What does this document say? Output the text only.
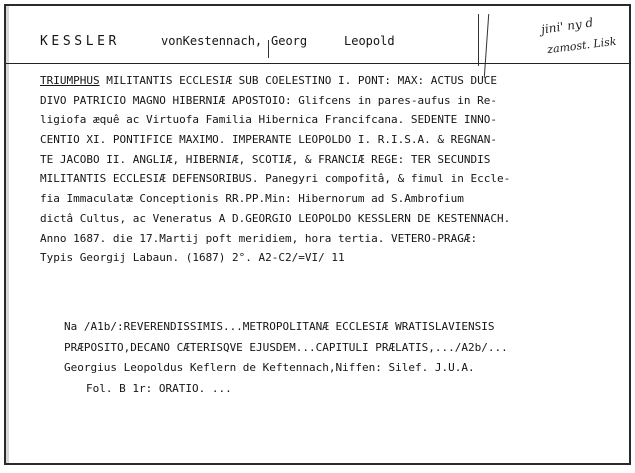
KESSLER	vonKestennach, Georg	Leopold
jini' ny d
zamost. Lisk
TRIUMPHUS MILITANTIS ECCLESIÆ SUB COELESTINO I. PONT: MAX: ACTUS DUCE
DIVO PATRICIO MAGNO HIBERNIÆ APOSTOIO: Glifcens in pares-aufus in Re-
ligiofa æquê ac Virtuofa Familia Hibernica Francifcana. SEDENTE INNO-
CENTIO XI. PONTIFICE MAXIMO. IMPERANTE LEOPOLDO I. R.I.S.A. & REGNAN-
TE JACOBO II. ANGLIÆ, HIBERNIÆ, SCOTIÆ, & FRANCIÆ REGE: TER SECUNDIS
MILITANTIS ECCLESIÆ DEFENSORIBUS. Panegyri compofitâ, & fimul in Eccle-
fia Immaculatæ Conceptionis RR.PP.Min: Hibernorum ad S.Ambrofium
dictâ Cultus, ac Veneratus A D.GEORGIO LEOPOLDO KESSLERN DE KESTENNACH.
Anno 1687. die 17.Martij poft meridiem, hora tertia. VETERO-PRAGÆ:
Typis Georgij Labaun. (1687) 2°. A2-C2/=VI/ 11
Na /A1b/:REVERENDISSIMIS...METROPOLITANÆ ECCLESIÆ WRATISLAVIENSIS
PRÆPOSITO,DECANO CÆTERISQVE EJUSDEM...CAPITULI PRÆLATIS,.../A2b/...
Georgius Leopoldus Keflern de Keftennach,Niffen: Silef. J.U.A.
Fol. B 1r: ORATIO. ...
